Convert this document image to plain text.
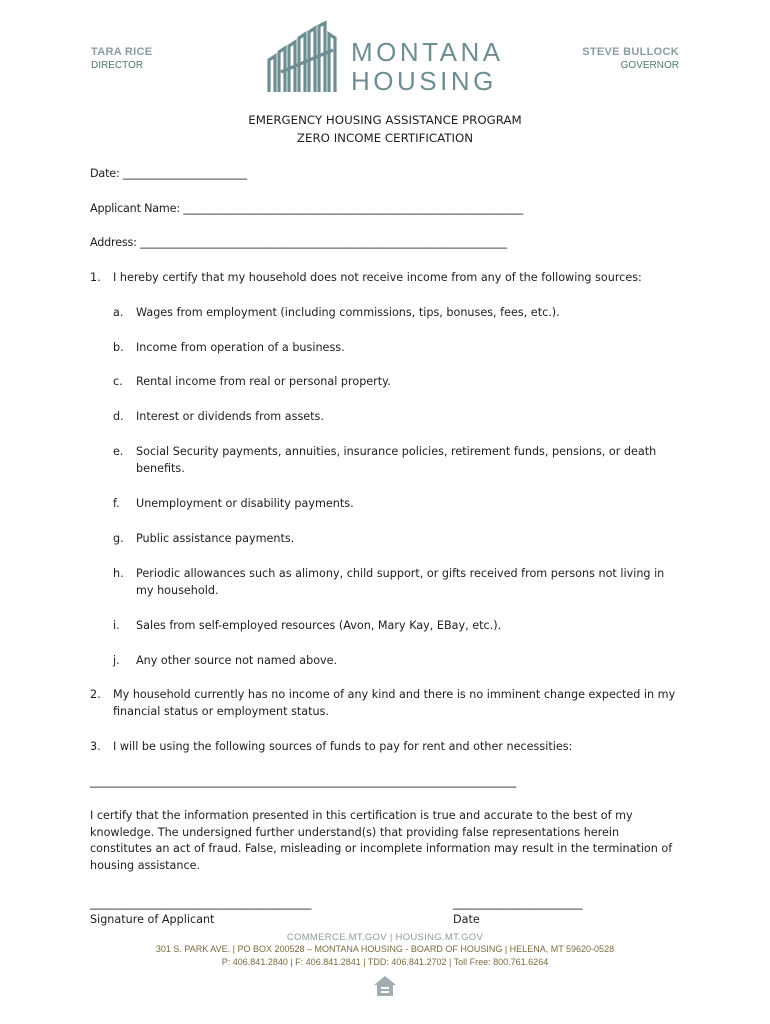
TARA RICE
DIRECTOR	MONTANA
HOUSING
STEVE BULLOCK
GOVERNOR
EMERGENCY HOUSING ASSISTANCE PROGRAM
ZERO INCOME CERTIFICATION
Date: _______________________
Applicant Name: _______________________________________________________________
Address: ____________________________________________________________________
1.	I hereby certify that my household does not receive income from any of the following sources:
a.	Wages from employment (including commissions, tips, bonuses, fees, etc.).
b.	Income from operation of a business.
c.	Rental income from real or personal property.
d.	Interest or dividends from assets.
e.	Social Security payments, annuities, insurance policies, retirement funds, pensions, or death benefits.
f.	Unemployment or disability payments.
g.	Public assistance payments.
h.	Periodic allowances such as alimony, child support, or gifts received from persons not living in my household.
i.	Sales from self-employed resources (Avon, Mary Kay, EBay, etc.).
j.	Any other source not named above.
2.	My household currently has no income of any kind and there is no imminent change expected in my financial status or employment status.
3.	I will be using the following sources of funds to pay for rent and other necessities:
_______________________________________________________________________________
I certify that the information presented in this certification is true and accurate to the best of my knowledge. The undersigned further understand(s) that providing false representations herein constitutes an act of fraud. False, misleading or incomplete information may result in the termination of housing assistance.
_________________________________________	________________________
Signature of Applicant	Date
COMMERCE.MT.GOV | HOUSING.MT.GOV
301 S. PARK AVE. | PO BOX 200528 – MONTANA HOUSING - BOARD OF HOUSING | HELENA, MT 59620-0528
P: 406.841.2840 | F: 406.841.2841 | TDD: 406.841.2702 | Toll Free: 800.761.6264
